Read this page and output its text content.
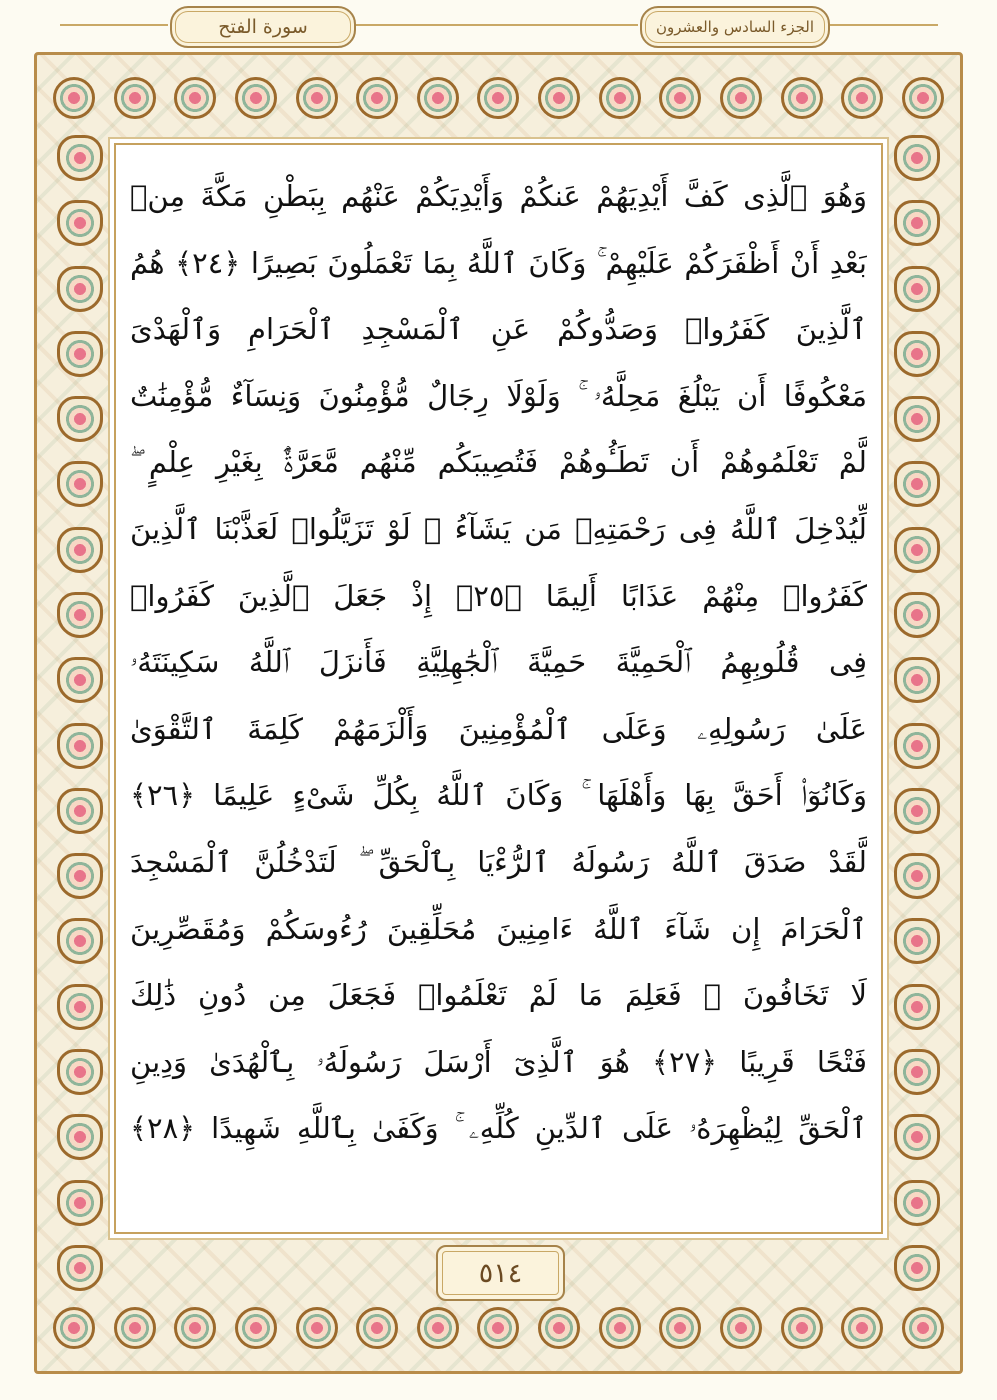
سورة الفتح	الجزء السادس والعشرون
وَهُوَ ٱلَّذِى كَفَّ أَيْدِيَهُمْ عَنكُمْ وَأَيْدِيَكُمْ عَنْهُم بِبَطْنِ مَكَّةَ مِنۢ
بَعْدِ أَنْ أَظْفَرَكُمْ عَلَيْهِمْ ۚ وَكَانَ ٱللَّهُ بِمَا تَعْمَلُونَ بَصِيرًا ﴿٢٤﴾ هُمُ
ٱلَّذِينَ كَفَرُوا۟ وَصَدُّوكُمْ عَنِ ٱلْمَسْجِدِ ٱلْحَرَامِ وَٱلْهَدْىَ
مَعْكُوفًا أَن يَبْلُغَ مَحِلَّهُۥ ۚ وَلَوْلَا رِجَالٌ مُّؤْمِنُونَ وَنِسَآءٌ مُّؤْمِنَٰتٌ
لَّمْ تَعْلَمُوهُمْ أَن تَطَـُٔوهُمْ فَتُصِيبَكُم مِّنْهُم مَّعَرَّةٌۢ بِغَيْرِ عِلْمٍ ۖ
لِّيُدْخِلَ ٱللَّهُ فِى رَحْمَتِهِۦ مَن يَشَآءُ ۚ لَوْ تَزَيَّلُوا۟ لَعَذَّبْنَا ٱلَّذِينَ
كَفَرُوا۟ مِنْهُمْ عَذَابًا أَلِيمًا ﴿٢٥﴾ إِذْ جَعَلَ ٱلَّذِينَ كَفَرُوا۟
فِى قُلُوبِهِمُ ٱلْحَمِيَّةَ حَمِيَّةَ ٱلْجَٰهِلِيَّةِ فَأَنزَلَ ٱللَّهُ سَكِينَتَهُۥ
عَلَىٰ رَسُولِهِۦ وَعَلَى ٱلْمُؤْمِنِينَ وَأَلْزَمَهُمْ كَلِمَةَ ٱلتَّقْوَىٰ
وَكَانُوٓا۟ أَحَقَّ بِهَا وَأَهْلَهَا ۚ وَكَانَ ٱللَّهُ بِكُلِّ شَىْءٍ عَلِيمًا ﴿٢٦﴾
لَّقَدْ صَدَقَ ٱللَّهُ رَسُولَهُ ٱلرُّءْيَا بِٱلْحَقِّ ۖ لَتَدْخُلُنَّ ٱلْمَسْجِدَ
ٱلْحَرَامَ إِن شَآءَ ٱللَّهُ ءَامِنِينَ مُحَلِّقِينَ رُءُوسَكُمْ وَمُقَصِّرِينَ
لَا تَخَافُونَ ۖ فَعَلِمَ مَا لَمْ تَعْلَمُوا۟ فَجَعَلَ مِن دُونِ ذَٰلِكَ
فَتْحًا قَرِيبًا ﴿٢٧﴾ هُوَ ٱلَّذِىٓ أَرْسَلَ رَسُولَهُۥ بِٱلْهُدَىٰ وَدِينِ
ٱلْحَقِّ لِيُظْهِرَهُۥ عَلَى ٱلدِّينِ كُلِّهِۦ ۚ وَكَفَىٰ بِٱللَّهِ شَهِيدًا ﴿٢٨﴾
٥١٤
